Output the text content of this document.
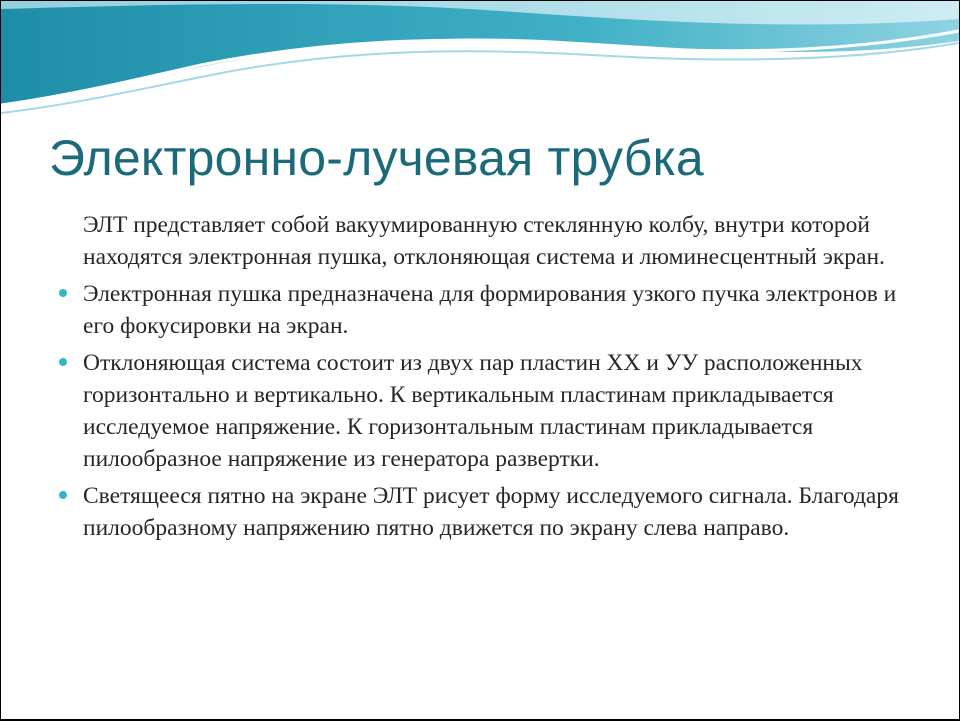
Электронно-лучевая трубка
ЭЛТ представляет собой вакуумированную стеклянную колбу, внутри которой находятся электронная пушка, отклоняющая система и люминесцентный экран.
Электронная пушка предназначена для формирования узкого пучка электронов и его фокусировки на экран.
Отклоняющая система состоит из двух пар пластин ХХ и УУ расположенных горизонтально и вертикально. К вертикальным пластинам прикладывается исследуемое напряжение. К горизонтальным пластинам прикладывается пилообразное напряжение из генератора развертки.
Светящееся пятно на экране ЭЛТ рисует форму исследуемого сигнала. Благодаря пилообразному напряжению пятно движется по экрану слева направо.
